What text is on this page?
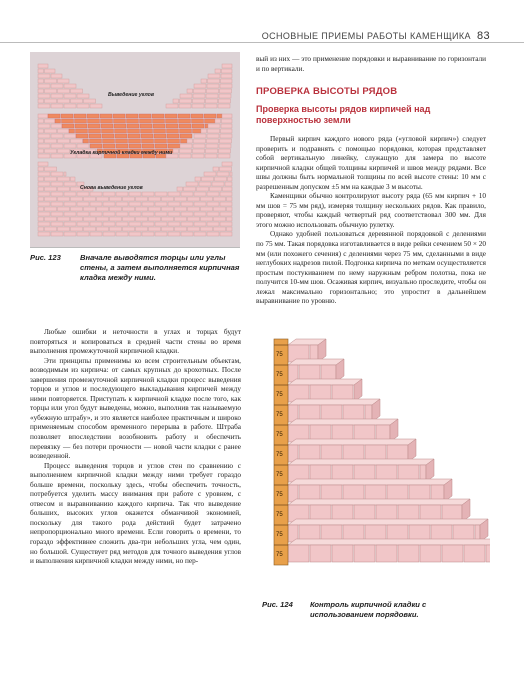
ОСНОВНЫЕ ПРИЕМЫ РАБОТЫ КАМЕНЩИКА 83
Выведение углов
Укладка кирпичной кладки между ними
Снова выведение углов
Рис. 123	Вначале выводятся торцы или углы стены, а затем выполняется кирпичная кладка между ними.

Любые ошибки и неточности в углах и торцах будут повторяться и копироваться в средней части стены во время выполнения промежуточной кирпичной кладки.

Эти принципы применимы ко всем строительным объектам, возводимым из кирпича: от самых крупных до крохотных. После завершения промежуточной кирпичной кладки процесс выведения торцов и углов и последующего выкладывания кирпичей между ними повторяется. Приступать к кирпичной кладке после того, как торцы или угол будут выведены, можно, выполнив так называемую «убежную штрабу», и это является наиболее практичным и широко применяемым способом временного перерыва в работе. Штраба позволяет впоследствии возобновить работу и обеспечить перевязку — без потери прочности — новой части кладки с ранее возведенной.

Процесс выведения торцов и углов стен по сравнению с выполнением кирпичной кладки между ними требует гораздо больше времени, поскольку здесь, чтобы обеспечить точность, потребуется уделить массу внимания при работе с уровнем, с отвесом и выравниванию каждого кирпича. Так что выведение больших, высоких углов окажется обманчивой экономией, поскольку для такого рода действий будет затрачено непропорционально много времени. Если говорить о времени, то гораздо эффективнее сложить два-три небольших угла, чем один, но большой. Существует ряд методов для точного выведения углов и выполнения кирпичной кладки между ними, но пер-

вый из них — это применение порядовки и выравнивание по горизонтали и по вертикали.

ПРОВЕРКА ВЫСОТЫ РЯДОВ
Проверка высоты рядов кирпичей над поверхностью земли

Первый кирпич каждого нового ряда («угловой кирпич») следует проверить и подравнять с помощью порядовки, которая представляет собой вертикальную линейку, служащую для замера по высоте кирпичной кладки общей толщины кирпичей и швов между рядами. Все швы должны быть нормальной толщины по всей высоте стены: 10 мм с разрешенным допуском ±5 мм на каждые 3 м высоты.

Каменщики обычно контролируют высоту ряда (65 мм кирпич + 10 мм шов = 75 мм ряд), измеряя толщину нескольких рядов. Как правило, проверяют, чтобы каждый четвертый ряд соответствовал 300 мм. Для этого можно использовать обычную рулетку.

Однако удобней пользоваться деревянной порядовкой с делениями по 75 мм. Такая порядовка изготавливается в виде рейки сечением 50 × 20 мм (или похожего сечения) с делениями через 75 мм, сделанными в виде неглубоких надрезов пилой. Подгонка кирпича по меткам осуществляется простым постукиванием по нему наружным ребром полотна, пока не получится 10-мм шов. Осаживая кирпич, визуально проследите, чтобы он лежал максимально горизонтально; это упростит в дальнейшем выравнивание по уровню.

75
75
75
75
75
75
75
75
75
75
75
Рис. 124 Контроль кирпичной кладки с использованием порядовки.
